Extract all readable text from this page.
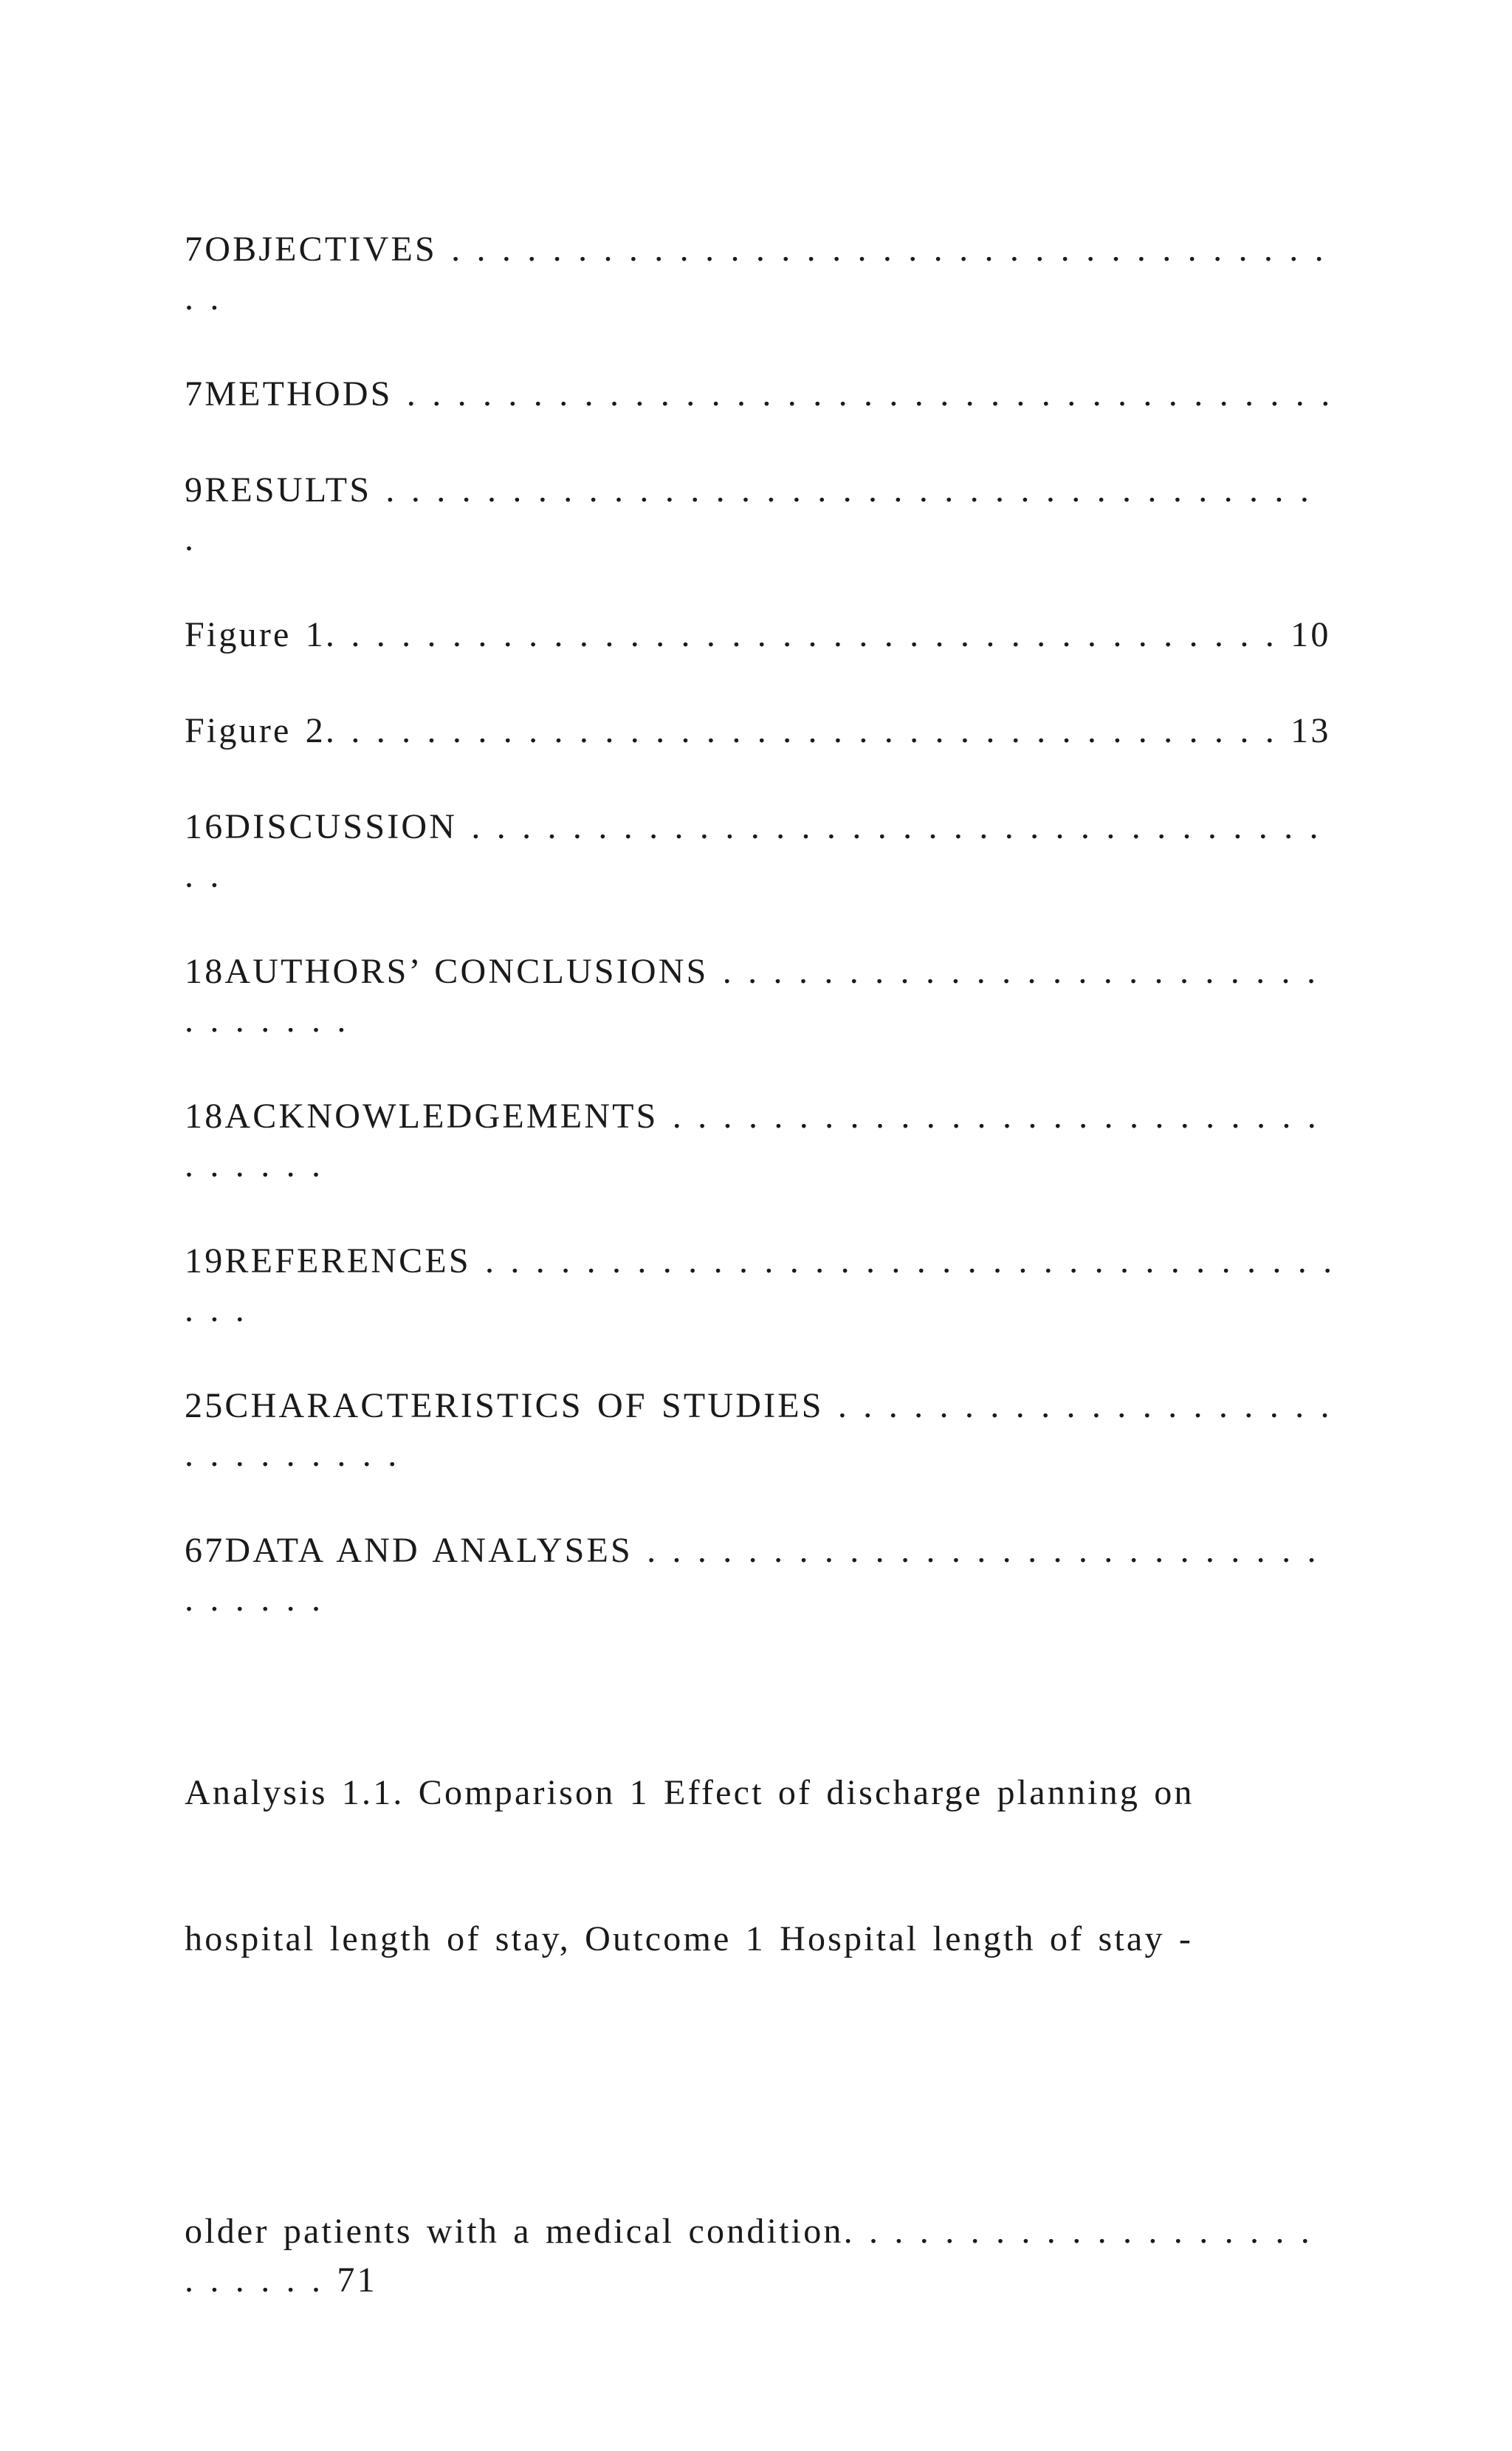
7OBJECTIVES . . . . . . . . . . . . . . . . . . . . . . . . . . . . . . . . . . . . .
7METHODS . . . . . . . . . . . . . . . . . . . . . . . . . . . . . . . . . . . . .
9RESULTS . . . . . . . . . . . . . . . . . . . . . . . . . . . . . . . . . . . . . .
Figure 1. . . . . . . . . . . . . . . . . . . . . . . . . . . . . . . . . . . . . . 10
Figure 2. . . . . . . . . . . . . . . . . . . . . . . . . . . . . . . . . . . . . . 13
16DISCUSSION . . . . . . . . . . . . . . . . . . . . . . . . . . . . . . . . . . . .
18AUTHORS’ CONCLUSIONS . . . . . . . . . . . . . . . . . . . . . . . . . . . . . . .
18ACKNOWLEDGEMENTS . . . . . . . . . . . . . . . . . . . . . . . . . . . . . . . .
19REFERENCES . . . . . . . . . . . . . . . . . . . . . . . . . . . . . . . . . . . . .
25CHARACTERISTICS OF STUDIES . . . . . . . . . . . . . . . . . . . . . . . . . . . . .
67DATA AND ANALYSES . . . . . . . . . . . . . . . . . . . . . . . . . . . . . . . . .

Analysis 1.1. Comparison 1 Effect of discharge planning on

hospital length of stay, Outcome 1 Hospital length of stay -

older patients with a medical condition. . . . . . . . . . . . . . . . . . . . . . . . . 71
